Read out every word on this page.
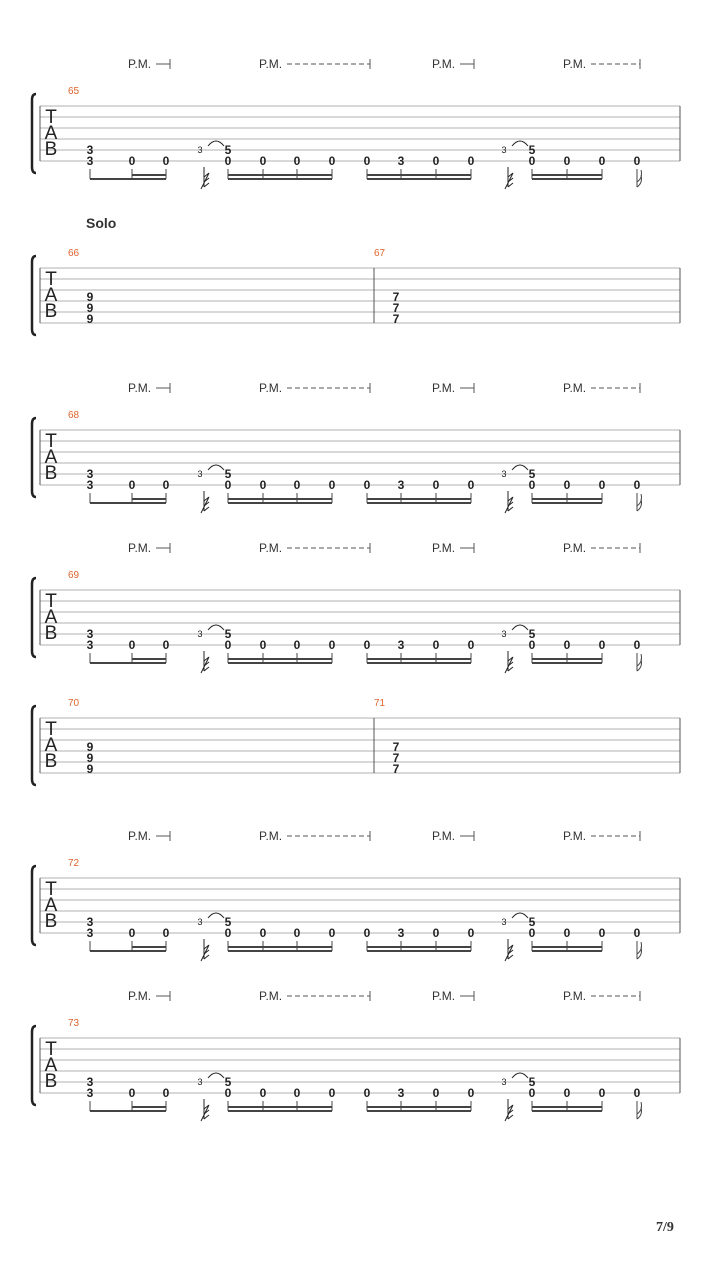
T
A
B
65
P.M.	P.M.	P.M.	P.M.
3
3	0 0
3 5
0 0 0 0 0 3 0 0
3 5
0 0 0 0
T
A
B
Solo
66	67
9
9
9
7
7
7
T
A
B
68
P.M.	P.M.	P.M.	P.M.
3
3	0 0
3 5
0 0 0 0 0 3 0 0
3 5
0 0 0 0
T
A
B
69
P.M.	P.M.	P.M.	P.M.
3
3	0 0
3 5
0 0 0 0 0 3 0 0
3 5
0 0 0 0
T
A
B
70	71
9
9
9
7
7
7
T
A
B
72
P.M.	P.M.	P.M.	P.M.
3
3	0 0
3 5
0 0 0 0 0 3 0 0
3 5
0 0 0 0
T
A
B
73
P.M.	P.M.	P.M.	P.M.
3
3	0 0
3 5
0 0 0 0 0 3 0 0
3 5
0 0 0 0
7/9
